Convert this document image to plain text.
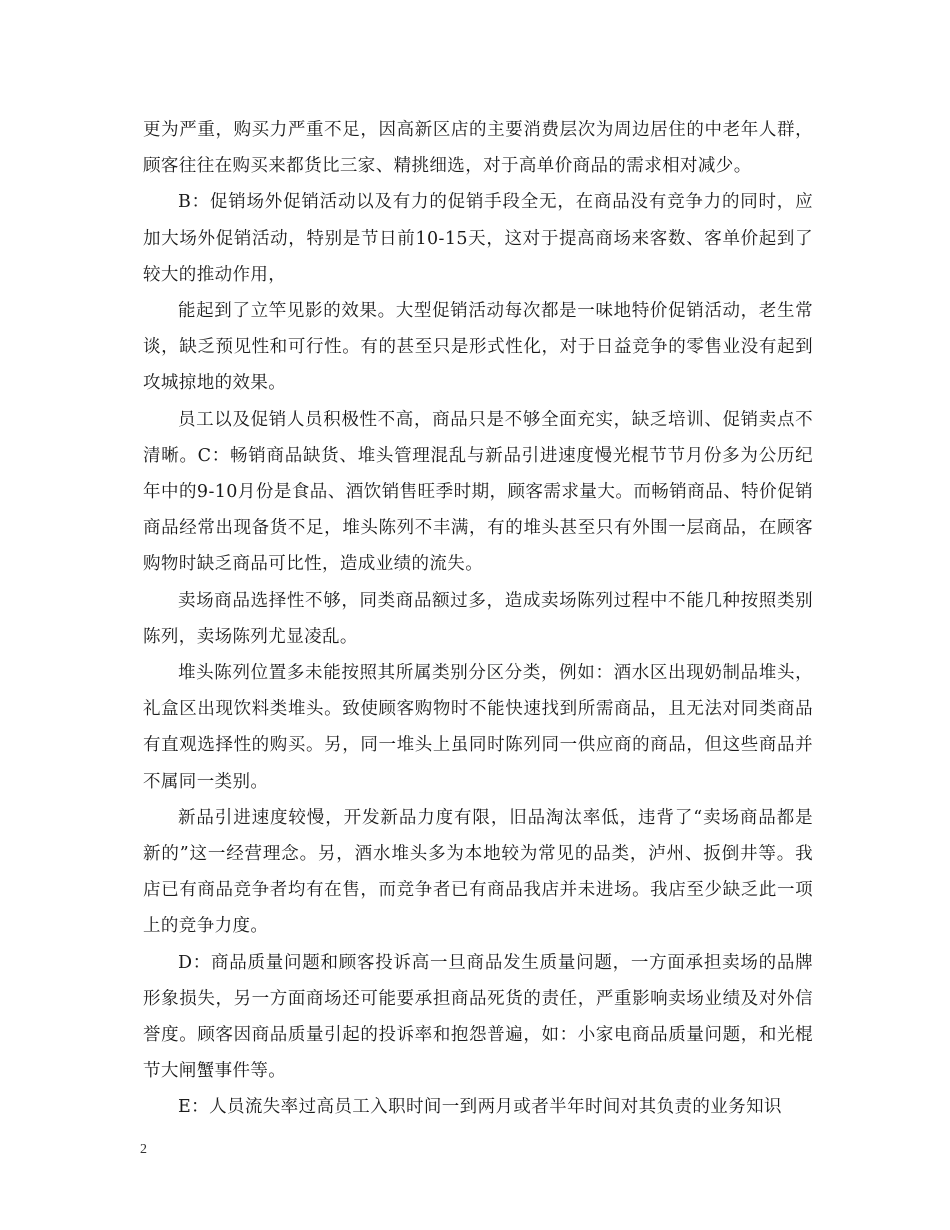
更为严重，购买力严重不足，因高新区店的主要消费层次为周边居住的中老年人群，顾客往往在购买来都货比三家、精挑细选，对于高单价商品的需求相对减少。

B：促销场外促销活动以及有力的促销手段全无，在商品没有竞争力的同时，应加大场外促销活动，特别是节日前10-15天，这对于提高商场来客数、客单价起到了较大的推动作用，

能起到了立竿见影的效果。大型促销活动每次都是一味地特价促销活动，老生常谈，缺乏预见性和可行性。有的甚至只是形式性化，对于日益竞争的零售业没有起到攻城掠地的效果。

员工以及促销人员积极性不高，商品只是不够全面充实，缺乏培训、促销卖点不清晰。C：畅销商品缺货、堆头管理混乱与新品引进速度慢光棍节节月份多为公历纪年中的9-10月份是食品、酒饮销售旺季时期，顾客需求量大。而畅销商品、特价促销商品经常出现备货不足，堆头陈列不丰满，有的堆头甚至只有外围一层商品，在顾客购物时缺乏商品可比性，造成业绩的流失。

卖场商品选择性不够，同类商品额过多，造成卖场陈列过程中不能几种按照类别陈列，卖场陈列尤显凌乱。

堆头陈列位置多未能按照其所属类别分区分类，例如：酒水区出现奶制品堆头，礼盒区出现饮料类堆头。致使顾客购物时不能快速找到所需商品，且无法对同类商品有直观选择性的购买。另，同一堆头上虽同时陈列同一供应商的商品，但这些商品并不属同一类别。

新品引进速度较慢，开发新品力度有限，旧品淘汰率低，违背了“卖场商品都是新的”这一经营理念。另，酒水堆头多为本地较为常见的品类，泸州、扳倒井等。我店已有商品竞争者均有在售，而竞争者已有商品我店并未进场。我店至少缺乏此一项上的竞争力度。

D：商品质量问题和顾客投诉高一旦商品发生质量问题，一方面承担卖场的品牌形象损失，另一方面商场还可能要承担商品死货的责任，严重影响卖场业绩及对外信誉度。顾客因商品质量引起的投诉率和抱怨普遍，如：小家电商品质量问题，和光棍节大闸蟹事件等。

E：人员流失率过高员工入职时间一到两月或者半年时间对其负责的业务知识

2
